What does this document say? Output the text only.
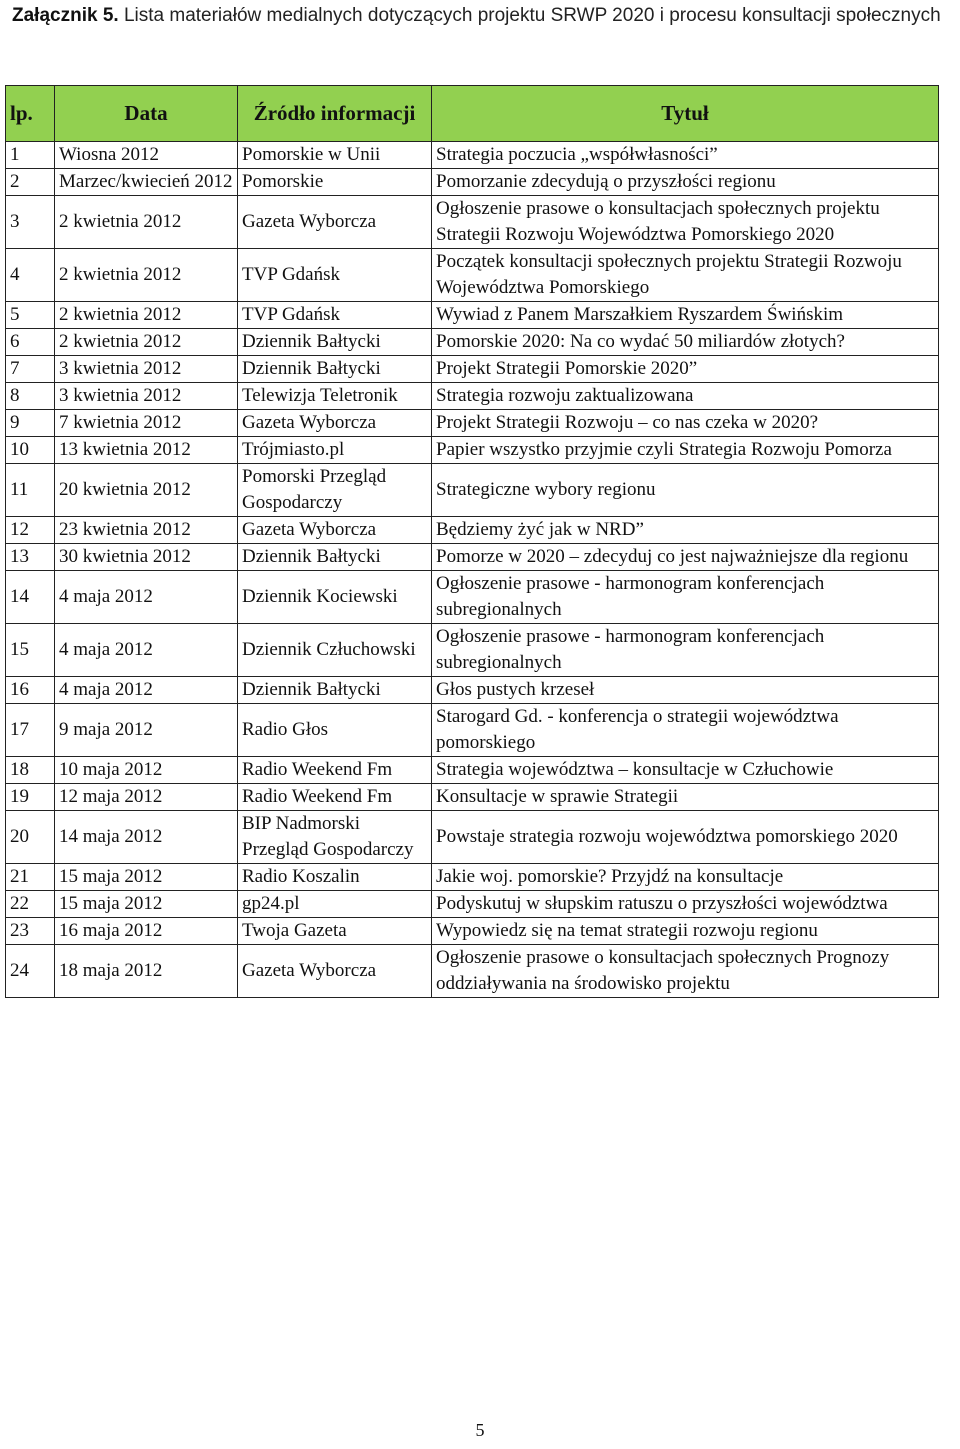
Załącznik 5. Lista materiałów medialnych dotyczących projektu SRWP 2020 i procesu konsultacji społecznych
lp.	Data	Źródło informacji	Tytuł
1	Wiosna 2012	Pomorskie w Unii	Strategia poczucia „współwłasności”
2	Marzec/kwiecień 2012	Pomorskie	Pomorzanie zdecydują o przyszłości regionu
3	2 kwietnia 2012	Gazeta Wyborcza	Ogłoszenie prasowe o konsultacjach społecznych projektu Strategii Rozwoju Województwa Pomorskiego 2020
4	2 kwietnia 2012	TVP Gdańsk	Początek konsultacji społecznych projektu Strategii Rozwoju Województwa Pomorskiego
5	2 kwietnia 2012	TVP Gdańsk	Wywiad z Panem Marszałkiem Ryszardem Świńskim
6	2 kwietnia 2012	Dziennik Bałtycki	Pomorskie 2020: Na co wydać 50 miliardów złotych?
7	3 kwietnia 2012	Dziennik Bałtycki	Projekt Strategii Pomorskie 2020”
8	3 kwietnia 2012	Telewizja Teletronik	Strategia rozwoju zaktualizowana
9	7 kwietnia 2012	Gazeta Wyborcza	Projekt Strategii Rozwoju – co nas czeka w 2020?
10	13 kwietnia 2012	Trójmiasto.pl	Papier wszystko przyjmie czyli Strategia Rozwoju Pomorza
11	20 kwietnia 2012	Pomorski Przegląd Gospodarczy	Strategiczne wybory regionu
12	23 kwietnia 2012	Gazeta Wyborcza	Będziemy żyć jak w NRD”
13	30 kwietnia 2012	Dziennik Bałtycki	Pomorze w 2020 – zdecyduj co jest najważniejsze dla regionu
14	4 maja 2012	Dziennik Kociewski	Ogłoszenie prasowe - harmonogram konferencjach subregionalnych
15	4 maja 2012	Dziennik Człuchowski	Ogłoszenie prasowe - harmonogram konferencjach subregionalnych
16	4 maja 2012	Dziennik Bałtycki	Głos pustych krzeseł
17	9 maja 2012	Radio Głos	Starogard Gd. - konferencja o strategii województwa pomorskiego
18	10 maja 2012	Radio Weekend Fm	Strategia województwa – konsultacje w Człuchowie
19	12 maja 2012	Radio Weekend Fm	Konsultacje w sprawie Strategii
20	14 maja 2012	BIP Nadmorski Przegląd Gospodarczy	Powstaje strategia rozwoju województwa pomorskiego 2020
21	15 maja 2012	Radio Koszalin	Jakie woj. pomorskie? Przyjdź na konsultacje
22	15 maja 2012	gp24.pl	Podyskutuj w słupskim ratuszu o przyszłości województwa
23	16 maja 2012	Twoja Gazeta	Wypowiedz się na temat strategii rozwoju regionu
24	18 maja 2012	Gazeta Wyborcza	Ogłoszenie prasowe o konsultacjach społecznych Prognozy oddziaływania na środowisko projektu
5
